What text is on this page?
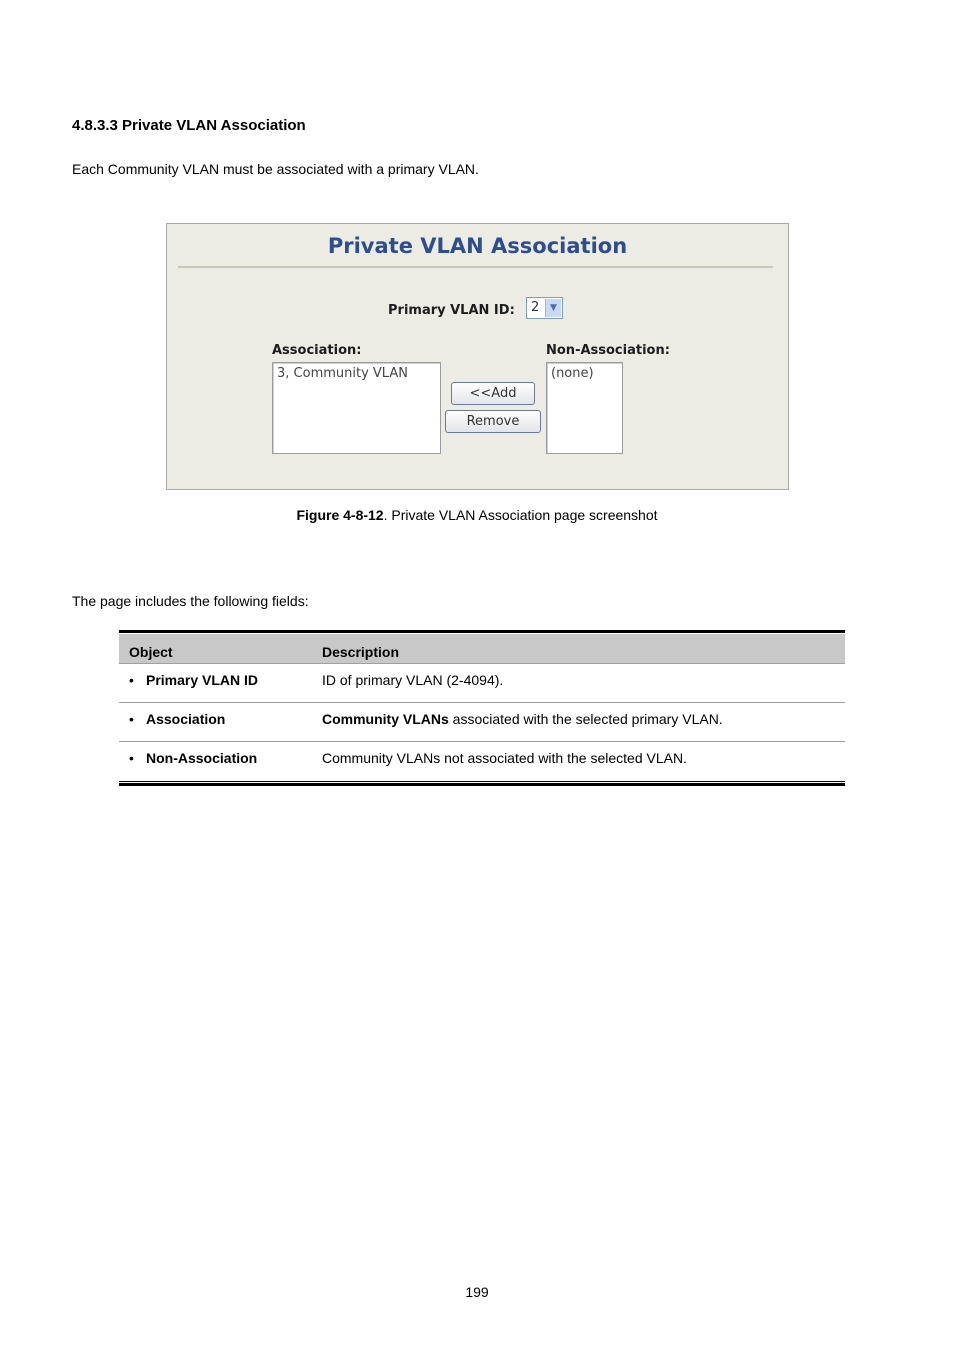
4.8.3.3 Private VLAN Association
Each Community VLAN must be associated with a primary VLAN.
Private VLAN Association
Primary VLAN ID: 2	▼
Association:
3, Community VLAN
<<Add
Remove
Non-Association:
(none)
Figure 4-8-12. Private VLAN Association page screenshot
The page includes the following fields:
Object	Description
• Primary VLAN ID	ID of primary VLAN (2-4094).
• Association	Community VLANs associated with the selected primary VLAN.
• Non-Association	Community VLANs not associated with the selected VLAN.
199
